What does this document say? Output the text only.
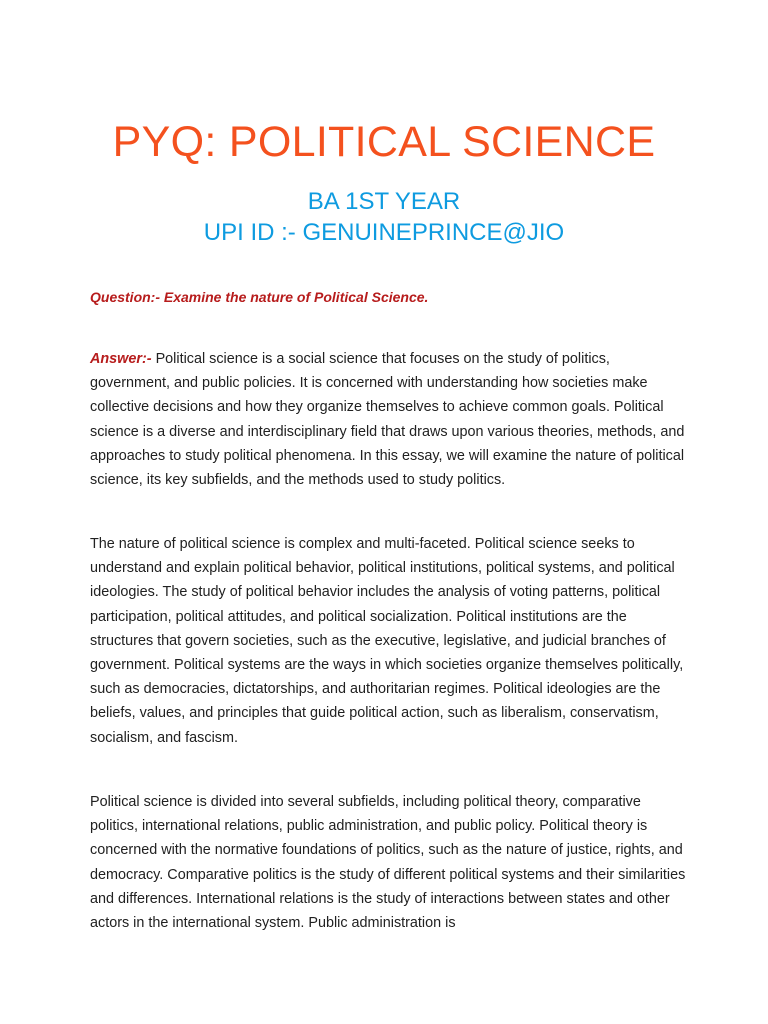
PYQ: POLITICAL SCIENCE
BA 1ST YEAR
UPI ID :- GENUINEPRINCE@JIO

Question:- Examine the nature of Political Science.

Answer:- Political science is a social science that focuses on the study of politics, government, and public policies. It is concerned with understanding how societies make collective decisions and how they organize themselves to achieve common goals. Political science is a diverse and interdisciplinary field that draws upon various theories, methods, and approaches to study political phenomena. In this essay, we will examine the nature of political science, its key subfields, and the methods used to study politics.

The nature of political science is complex and multi-faceted. Political science seeks to understand and explain political behavior, political institutions, political systems, and political ideologies. The study of political behavior includes the analysis of voting patterns, political participation, political attitudes, and political socialization. Political institutions are the structures that govern societies, such as the executive, legislative, and judicial branches of government. Political systems are the ways in which societies organize themselves politically, such as democracies, dictatorships, and authoritarian regimes. Political ideologies are the beliefs, values, and principles that guide political action, such as liberalism, conservatism, socialism, and fascism.

Political science is divided into several subfields, including political theory, comparative politics, international relations, public administration, and public policy. Political theory is concerned with the normative foundations of politics, such as the nature of justice, rights, and democracy. Comparative politics is the study of different political systems and their similarities and differences. International relations is the study of interactions between states and other actors in the international system. Public administration is
